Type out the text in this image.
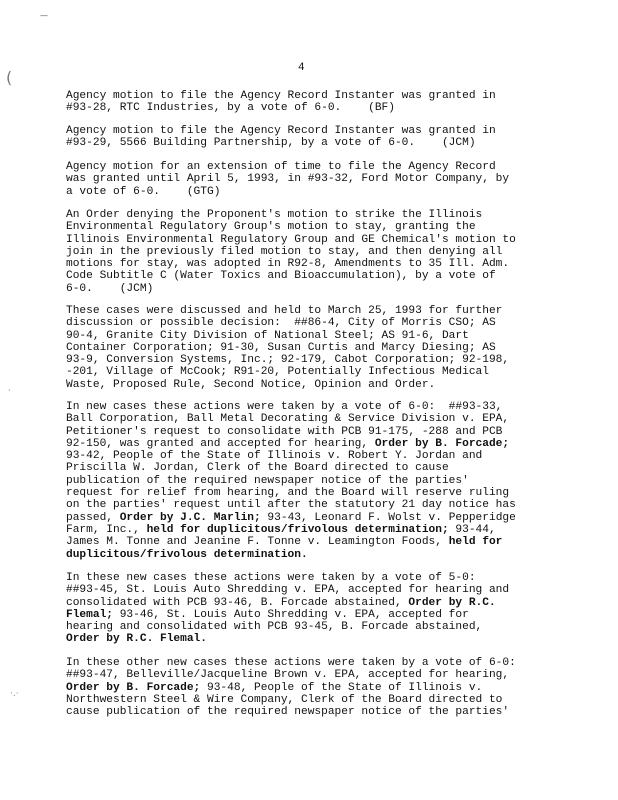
—
(
·
·.·
4
Agency motion to file the Agency Record Instanter was granted in
#93-28, RTC Industries, by a vote of 6-0.    (BF)
Agency motion to file the Agency Record Instanter was granted in
#93-29, 5566 Building Partnership, by a vote of 6-0.    (JCM)
Agency motion for an extension of time to file the Agency Record
was granted until April 5, 1993, in #93-32, Ford Motor Company, by
a vote of 6-0.    (GTG)
An Order denying the Proponent's motion to strike the Illinois
Environmental Regulatory Group's motion to stay, granting the
Illinois Environmental Regulatory Group and GE Chemical's motion to
join in the previously filed motion to stay, and then denying all
motions for stay, was adopted in R92-8, Amendments to 35 Ill. Adm.
Code Subtitle C (Water Toxics and Bioaccumulation), by a vote of
6-0.    (JCM)
These cases were discussed and held to March 25, 1993 for further
discussion or possible decision:  ##86-4, City of Morris CSO; AS
90-4, Granite City Division of National Steel; AS 91-6, Dart
Container Corporation; 91-30, Susan Curtis and Marcy Diesing; AS
93-9, Conversion Systems, Inc.; 92-179, Cabot Corporation; 92-198,
-201, Village of McCook; R91-20, Potentially Infectious Medical
Waste, Proposed Rule, Second Notice, Opinion and Order.
In new cases these actions were taken by a vote of 6-0:  ##93-33,
Ball Corporation, Ball Metal Decorating & Service Division v. EPA,
Petitioner's request to consolidate with PCB 91-175, -288 and PCB
92-150, was granted and accepted for hearing, Order by B. Forcade;
93-42, People of the State of Illinois v. Robert Y. Jordan and
Priscilla W. Jordan, Clerk of the Board directed to cause
publication of the required newspaper notice of the parties'
request for relief from hearing, and the Board will reserve ruling
on the parties' request until after the statutory 21 day notice has
passed, Order by J.C. Marlin; 93-43, Leonard F. Wolst v. Pepperidge
Farm, Inc., held for duplicitous/frivolous determination; 93-44,
James M. Tonne and Jeanine F. Tonne v. Leamington Foods, held for
duplicitous/frivolous determination.
In these new cases these actions were taken by a vote of 5-0:
##93-45, St. Louis Auto Shredding v. EPA, accepted for hearing and
consolidated with PCB 93-46, B. Forcade abstained, Order by R.C.
Flemal; 93-46, St. Louis Auto Shredding v. EPA, accepted for
hearing and consolidated with PCB 93-45, B. Forcade abstained,
Order by R.C. Flemal.
In these other new cases these actions were taken by a vote of 6-0:
##93-47, Belleville/Jacqueline Brown v. EPA, accepted for hearing,
Order by B. Forcade; 93-48, People of the State of Illinois v.
Northwestern Steel & Wire Company, Clerk of the Board directed to
cause publication of the required newspaper notice of the parties'
